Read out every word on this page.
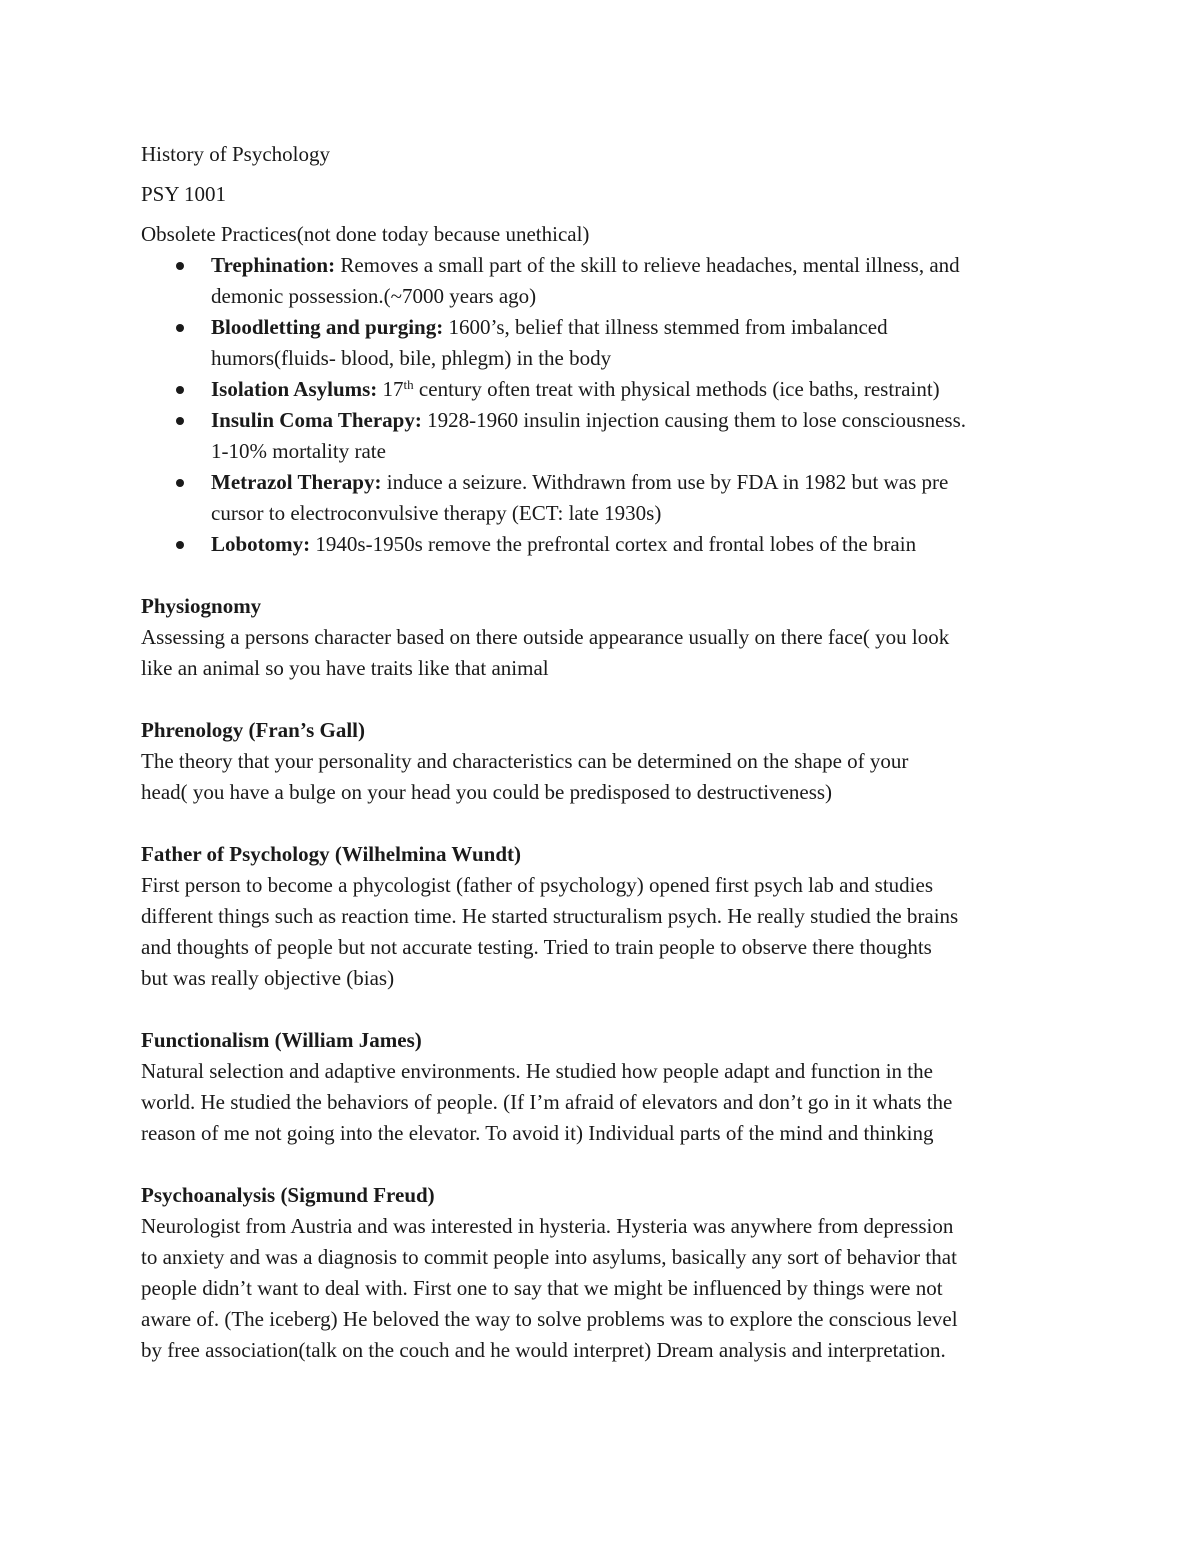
History of Psychology

PSY 1001

Obsolete Practices(not done today because unethical)

Trephination: Removes a small part of the skill to relieve headaches, mental illness, and
demonic possession.(~7000 years ago)
Bloodletting and purging: 1600’s, belief that illness stemmed from imbalanced
humors(fluids- blood, bile, phlegm) in the body
Isolation Asylums: 17th century often treat with physical methods (ice baths, restraint)
Insulin Coma Therapy: 1928-1960 insulin injection causing them to lose consciousness.
1-10% mortality rate
Metrazol Therapy: induce a seizure. Withdrawn from use by FDA in 1982 but was pre
cursor to electroconvulsive therapy (ECT: late 1930s)
Lobotomy: 1940s-1950s remove the prefrontal cortex and frontal lobes of the brain

Physiognomy

Assessing a persons character based on there outside appearance usually on there face( you look

like an animal so you have traits like that animal

Phrenology (Fran’s Gall)

The theory that your personality and characteristics can be determined on the shape of your

head( you have a bulge on your head you could be predisposed to destructiveness)

Father of Psychology (Wilhelmina Wundt)

First person to become a phycologist (father of psychology) opened first psych lab and studies

different things such as reaction time. He started structuralism psych. He really studied the brains

and thoughts of people but not accurate testing. Tried to train people to observe there thoughts

but was really objective (bias)

Functionalism (William James)

Natural selection and adaptive environments. He studied how people adapt and function in the

world. He studied the behaviors of people. (If I’m afraid of elevators and don’t go in it whats the

reason of me not going into the elevator. To avoid it) Individual parts of the mind and thinking

Psychoanalysis (Sigmund Freud)

Neurologist from Austria and was interested in hysteria. Hysteria was anywhere from depression

to anxiety and was a diagnosis to commit people into asylums, basically any sort of behavior that

people didn’t want to deal with. First one to say that we might be influenced by things were not

aware of. (The iceberg) He beloved the way to solve problems was to explore the conscious level

by free association(talk on the couch and he would interpret) Dream analysis and interpretation.
